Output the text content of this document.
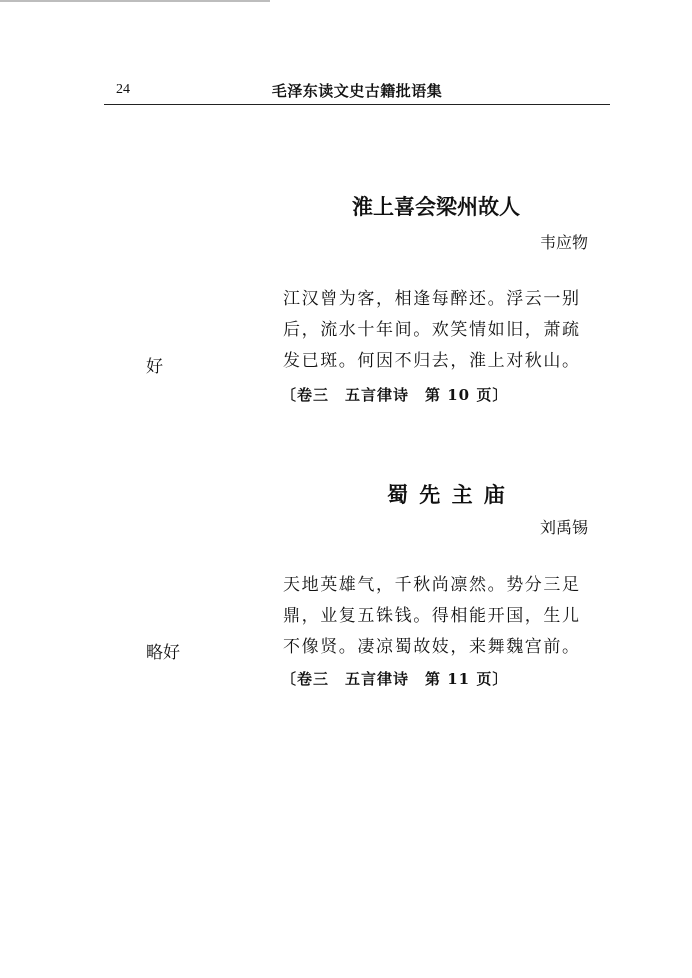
24	毛泽东读文史古籍批语集
淮上喜会梁州故人
韦应物
江汉曾为客，相逢每醉还。浮云一别
后，流水十年间。欢笑情如旧，萧疏
发已斑。何因不归去，淮上对秋山。
〔卷三　五言律诗　第 10 页〕
好
蜀 先 主 庙
刘禹锡
天地英雄气，千秋尚凛然。势分三足
鼎，业复五铢钱。得相能开国，生儿
不像贤。凄凉蜀故妓，来舞魏宫前。
〔卷三　五言律诗　第 11 页〕
略好
